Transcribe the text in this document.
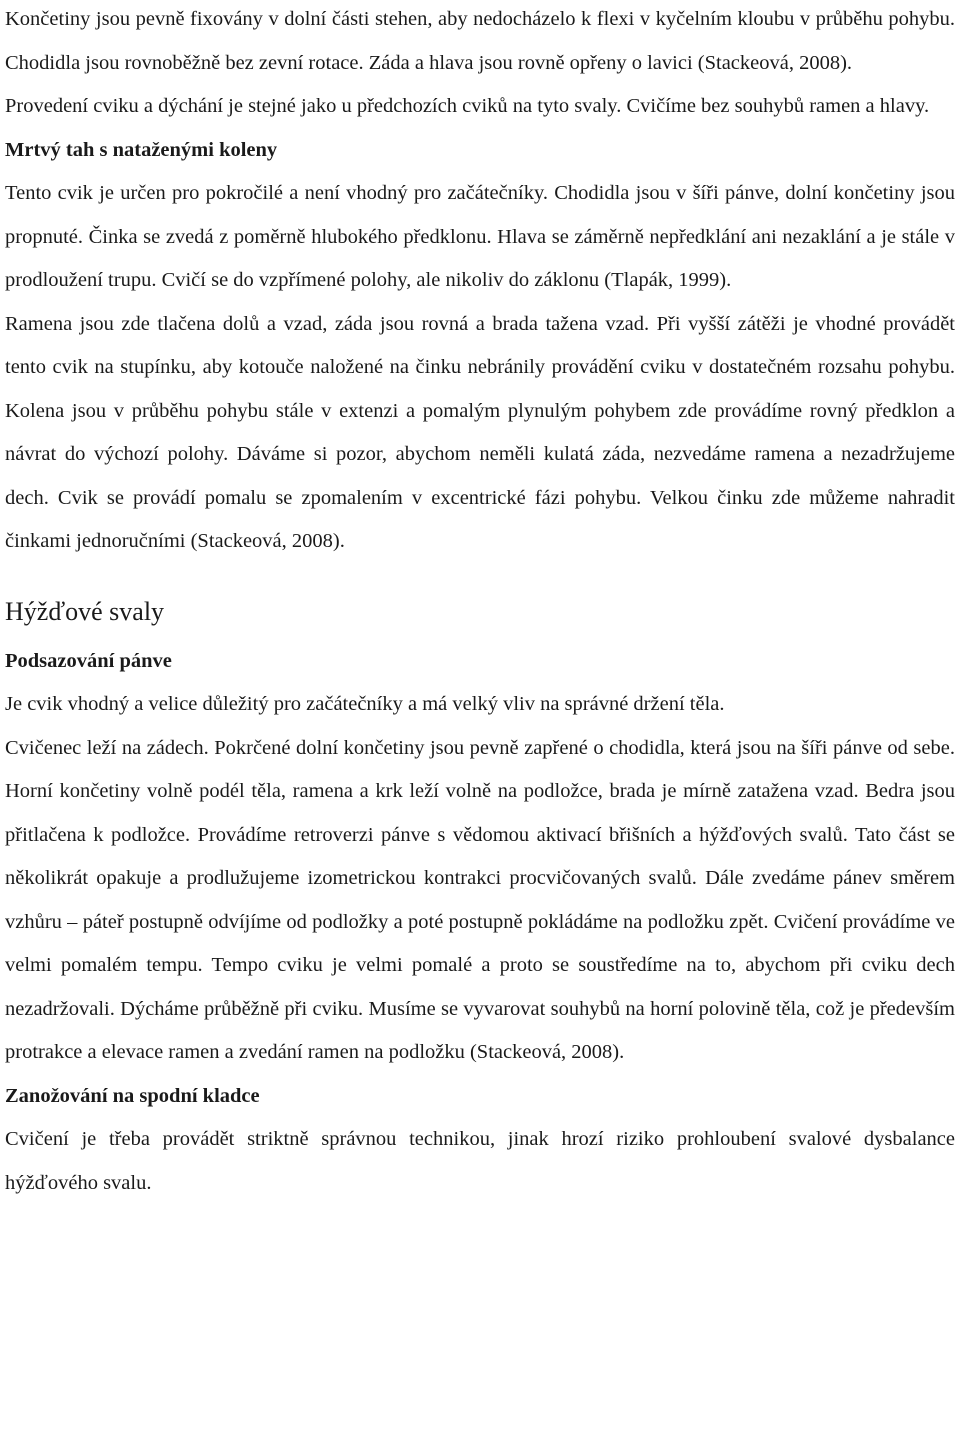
Končetiny jsou pevně fixovány v dolní části stehen, aby nedocházelo k flexi v kyčelním kloubu v průběhu pohybu. Chodidla jsou rovnoběžně bez zevní rotace. Záda a hlava jsou rovně opřeny o lavici (Stackeová, 2008).

Provedení cviku a dýchání je stejné jako u předchozích cviků na tyto svaly. Cvičíme bez souhybů ramen a hlavy.

Mrtvý tah s nataženými koleny

Tento cvik je určen pro pokročilé a není vhodný pro začátečníky. Chodidla jsou v šíři pánve, dolní končetiny jsou propnuté. Činka se zvedá z poměrně hlubokého předklonu. Hlava se záměrně nepředklání ani nezaklání a je stále v prodloužení trupu. Cvičí se do vzpřímené polohy, ale nikoliv do záklonu (Tlapák, 1999).

Ramena jsou zde tlačena dolů a vzad, záda jsou rovná a brada tažena vzad. Při vyšší zátěži je vhodné provádět tento cvik na stupínku, aby kotouče naložené na činku nebránily provádění cviku v dostatečném rozsahu pohybu. Kolena jsou v průběhu pohybu stále v extenzi a pomalým plynulým pohybem zde provádíme rovný předklon a návrat do výchozí polohy. Dáváme si pozor, abychom neměli kulatá záda, nezvedáme ramena a nezadržujeme dech. Cvik se provádí pomalu se zpomalením v excentrické fázi pohybu. Velkou činku zde můžeme nahradit činkami jednoručními (Stackeová, 2008).

Hýžďové svaly
Podsazování pánve

Je cvik vhodný a velice důležitý pro začátečníky a má velký vliv na správné držení těla.

Cvičenec leží na zádech. Pokrčené dolní končetiny jsou pevně zapřené o chodidla, která jsou na šíři pánve od sebe. Horní končetiny volně podél těla, ramena a krk leží volně na podložce, brada je mírně zatažena vzad. Bedra jsou přitlačena k podložce. Provádíme retroverzi pánve s vědomou aktivací břišních a hýžďových svalů. Tato část se několikrát opakuje a prodlužujeme izometrickou kontrakci procvičovaných svalů. Dále zvedáme pánev směrem vzhůru – páteř postupně odvíjíme od podložky a poté postupně pokládáme na podložku zpět. Cvičení provádíme ve velmi pomalém tempu. Tempo cviku je velmi pomalé a proto se soustředíme na to, abychom při cviku dech nezadržovali. Dýcháme průběžně při cviku. Musíme se vyvarovat souhybů na horní polovině těla, což je především protrakce a elevace ramen a zvedání ramen na podložku (Stackeová, 2008).

Zanožování na spodní kladce

Cvičení je třeba provádět striktně správnou technikou, jinak hrozí riziko prohloubení svalové dysbalance hýžďového svalu.
